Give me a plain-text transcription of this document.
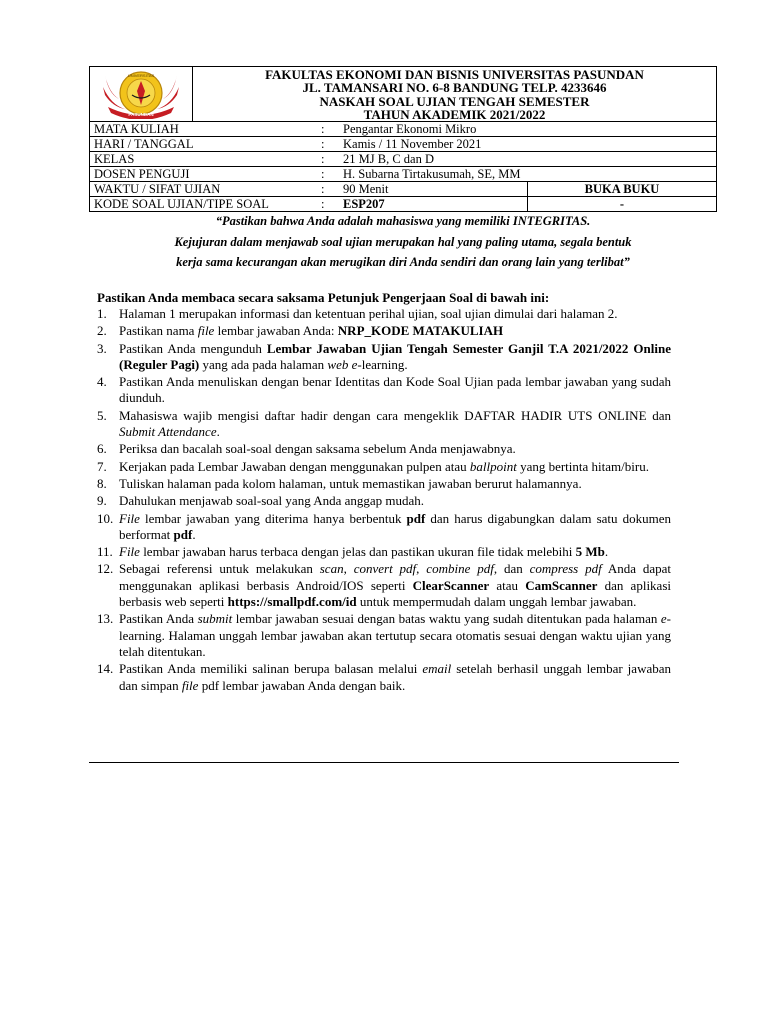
UNIVERSITAS
PASUNDAN
FAKULTAS EKONOMI DAN BISNIS UNIVERSITAS PASUNDAN
JL. TAMANSARI NO. 6-8 BANDUNG TELP. 4233646
NASKAH SOAL UJIAN TENGAH SEMESTER
TAHUN AKADEMIK 2021/2022
MATA KULIAH	:	Pengantar Ekonomi Mikro	
HARI / TANGGAL	:	Kamis / 11 November 2021	
KELAS	:	21 MJ B, C dan D	
DOSEN PENGUJI	:	H. Subarna Tirtakusumah, SE, MM	
WAKTU / SIFAT UJIAN	:	90 Menit	BUKA BUKU
KODE SOAL UJIAN/TIPE SOAL	:	ESP207	-
“Pastikan bahwa Anda adalah mahasiswa yang memiliki INTEGRITAS.
Kejujuran dalam menjawab soal ujian merupakan hal yang paling utama, segala bentuk
kerja sama kecurangan akan merugikan diri Anda sendiri dan orang lain yang terlibat”
Pastikan Anda membaca secara saksama Petunjuk Pengerjaan Soal di bawah ini:
1. Halaman 1 merupakan informasi dan ketentuan perihal ujian, soal ujian dimulai dari halaman 2.
2. Pastikan nama file lembar jawaban Anda: NRP_KODE MATAKULIAH
3. Pastikan Anda mengunduh Lembar Jawaban Ujian Tengah Semester Ganjil T.A 2021/2022 Online (Reguler Pagi) yang ada pada halaman web e-learning.
4. Pastikan Anda menuliskan dengan benar Identitas dan Kode Soal Ujian pada lembar jawaban yang sudah diunduh.
5. Mahasiswa wajib mengisi daftar hadir dengan cara mengeklik DAFTAR HADIR UTS ONLINE dan Submit Attendance.
6. Periksa dan bacalah soal-soal dengan saksama sebelum Anda menjawabnya.
7. Kerjakan pada Lembar Jawaban dengan menggunakan pulpen atau ballpoint yang bertinta hitam/biru.
8. Tuliskan halaman pada kolom halaman, untuk memastikan jawaban berurut halamannya.
9. Dahulukan menjawab soal-soal yang Anda anggap mudah.
10. File lembar jawaban yang diterima hanya berbentuk pdf dan harus digabungkan dalam satu dokumen berformat pdf.
11. File lembar jawaban harus terbaca dengan jelas dan pastikan ukuran file tidak melebihi 5 Mb.
12. Sebagai referensi untuk melakukan scan, convert pdf, combine pdf, dan compress pdf Anda dapat menggunakan aplikasi berbasis Android/IOS seperti ClearScanner atau CamScanner dan aplikasi berbasis web seperti https://smallpdf.com/id untuk mempermudah dalam unggah lembar jawaban.
13. Pastikan Anda submit lembar jawaban sesuai dengan batas waktu yang sudah ditentukan pada halaman e-learning. Halaman unggah lembar jawaban akan tertutup secara otomatis sesuai dengan waktu ujian yang telah ditentukan.
14. Pastikan Anda memiliki salinan berupa balasan melalui email setelah berhasil unggah lembar jawaban dan simpan file pdf lembar jawaban Anda dengan baik.
